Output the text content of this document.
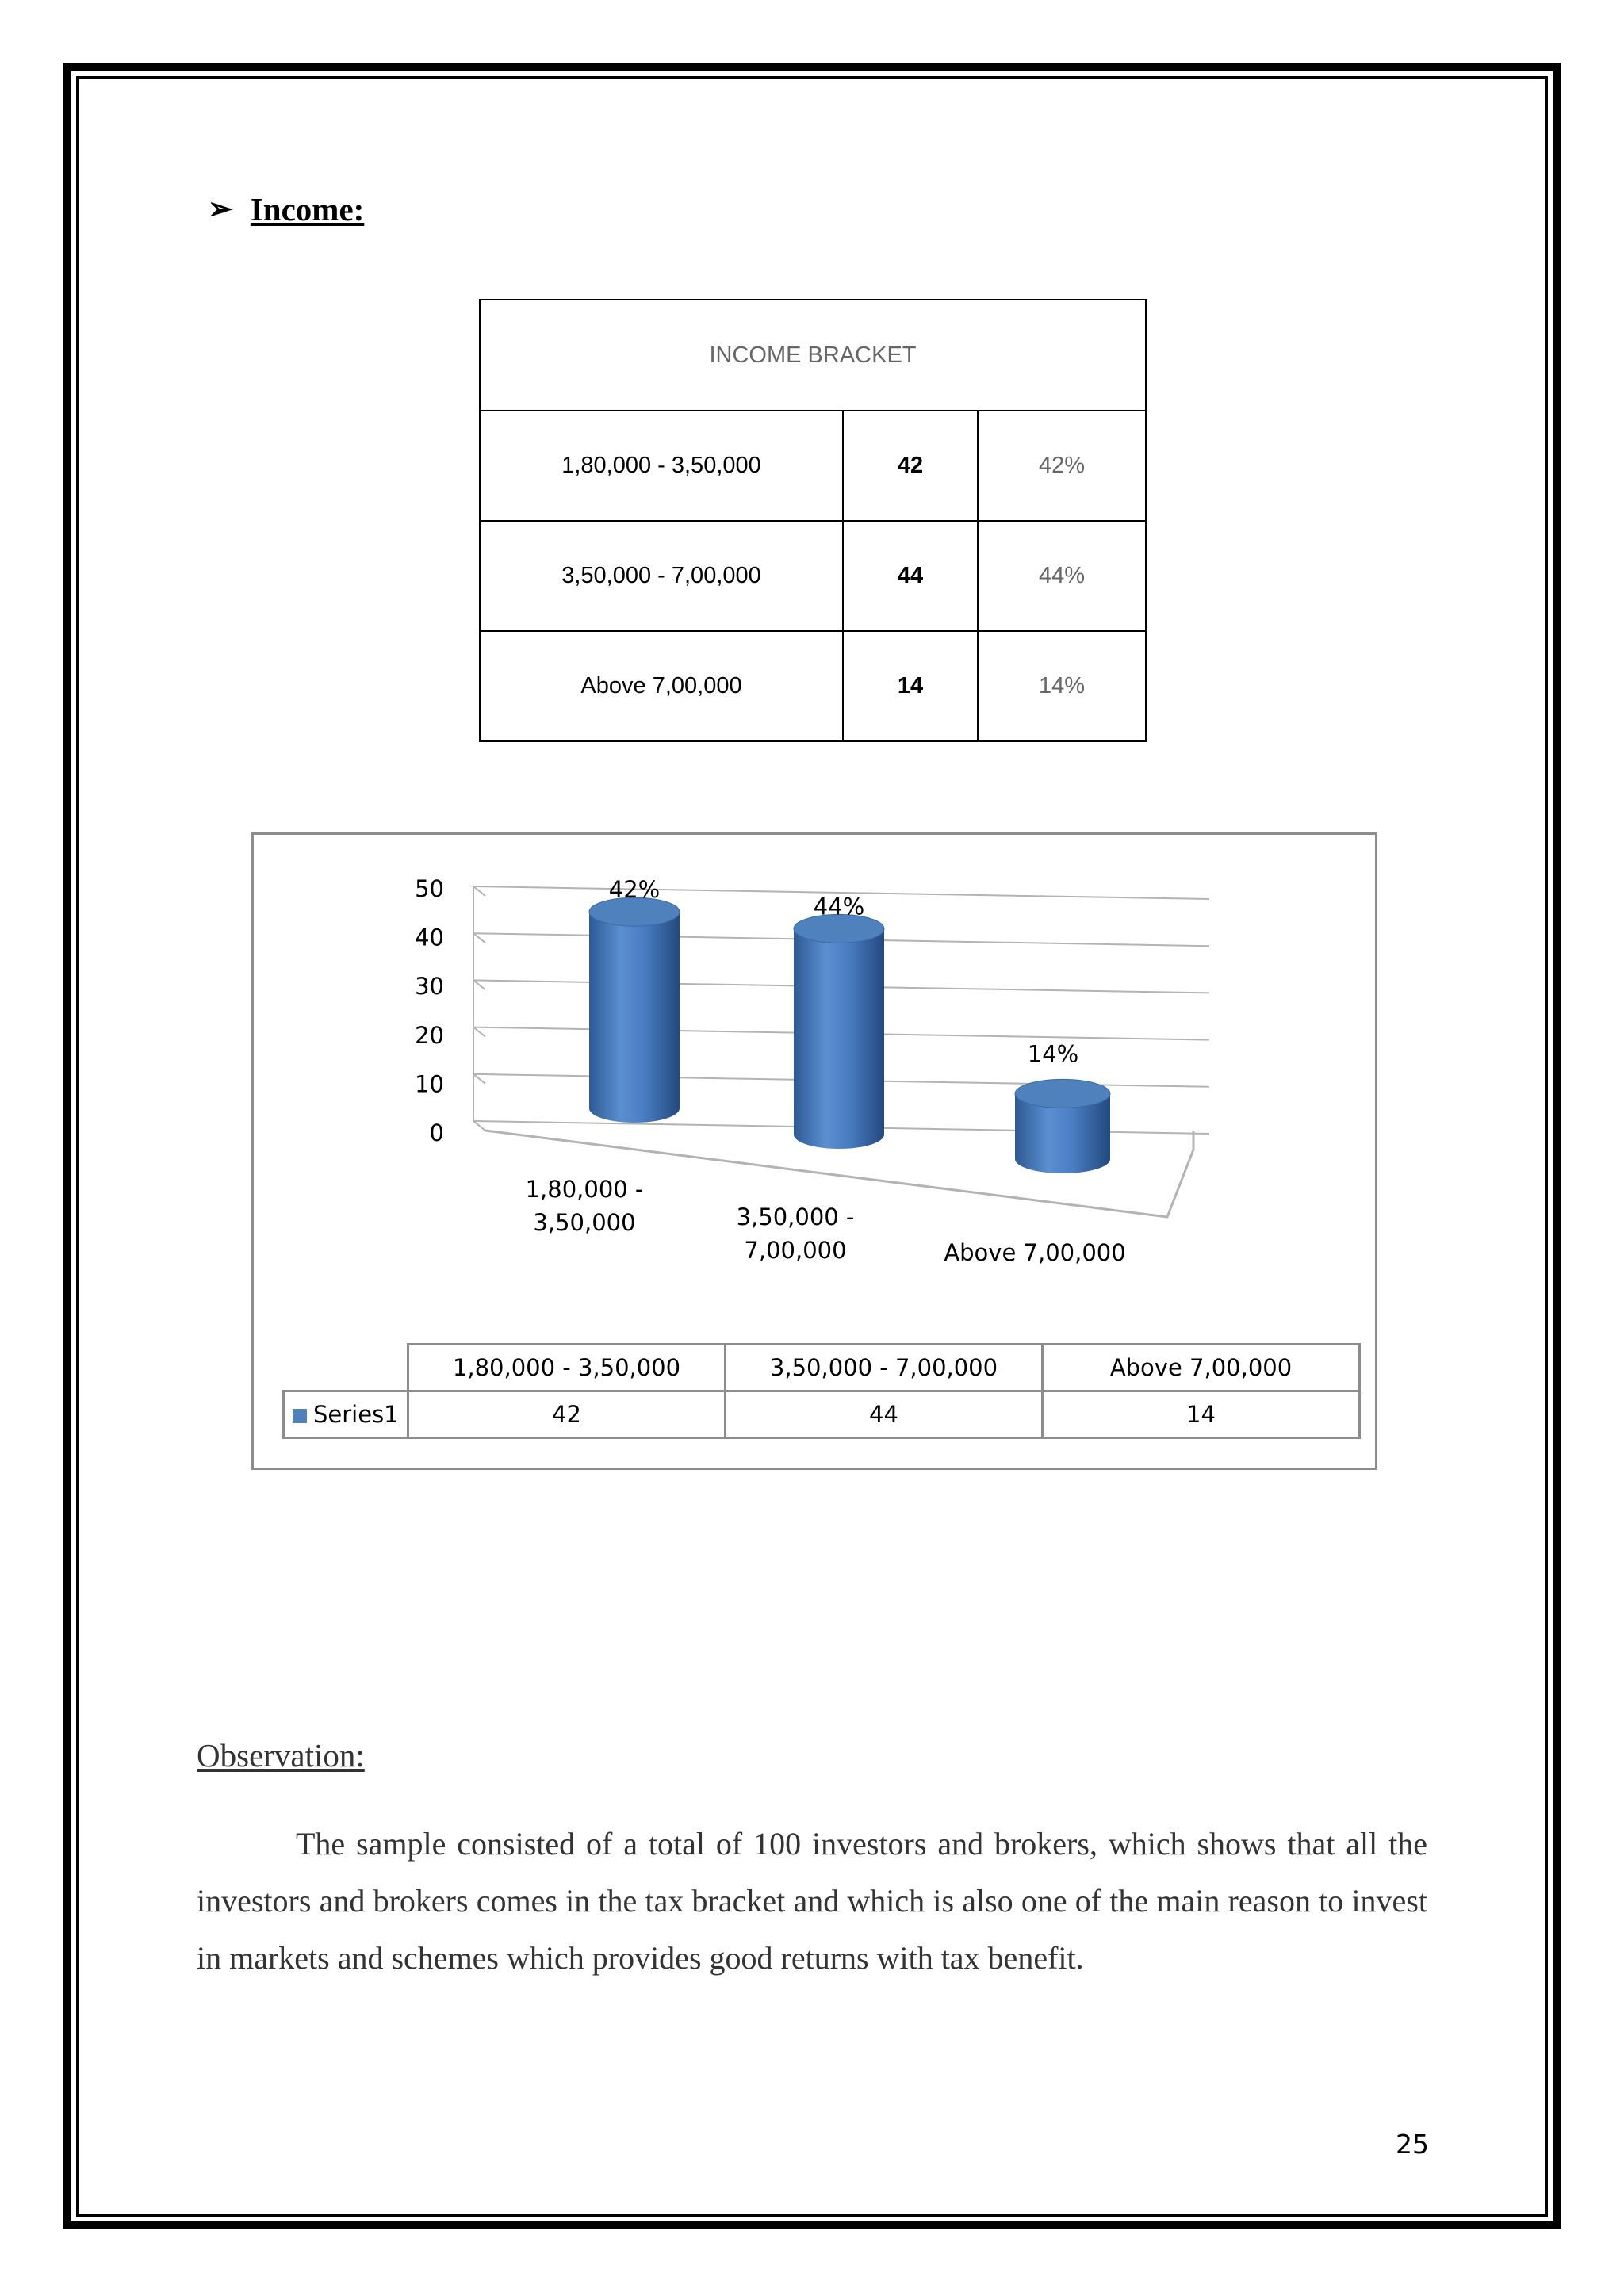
➢ Income:
INCOME BRACKET		
1,80,000 - 3,50,000	42	42%
3,50,000 - 7,00,000	44	44%
Above 7,00,000	14	14%
0
10
20
30
40
50	42%
44%
14%
1,80,000 -
3,50,000	3,50,000 -
7,00,000	Above 7,00,000
	1,80,000 - 3,50,000	3,50,000 - 7,00,000	Above 7,00,000
Series1	42	44	14
Observation:

The sample consisted of a total of 100 investors and brokers, which shows that all the investors and brokers comes in the tax bracket and which is also one of the main reason to invest in markets and schemes which provides good returns with tax benefit.

25
